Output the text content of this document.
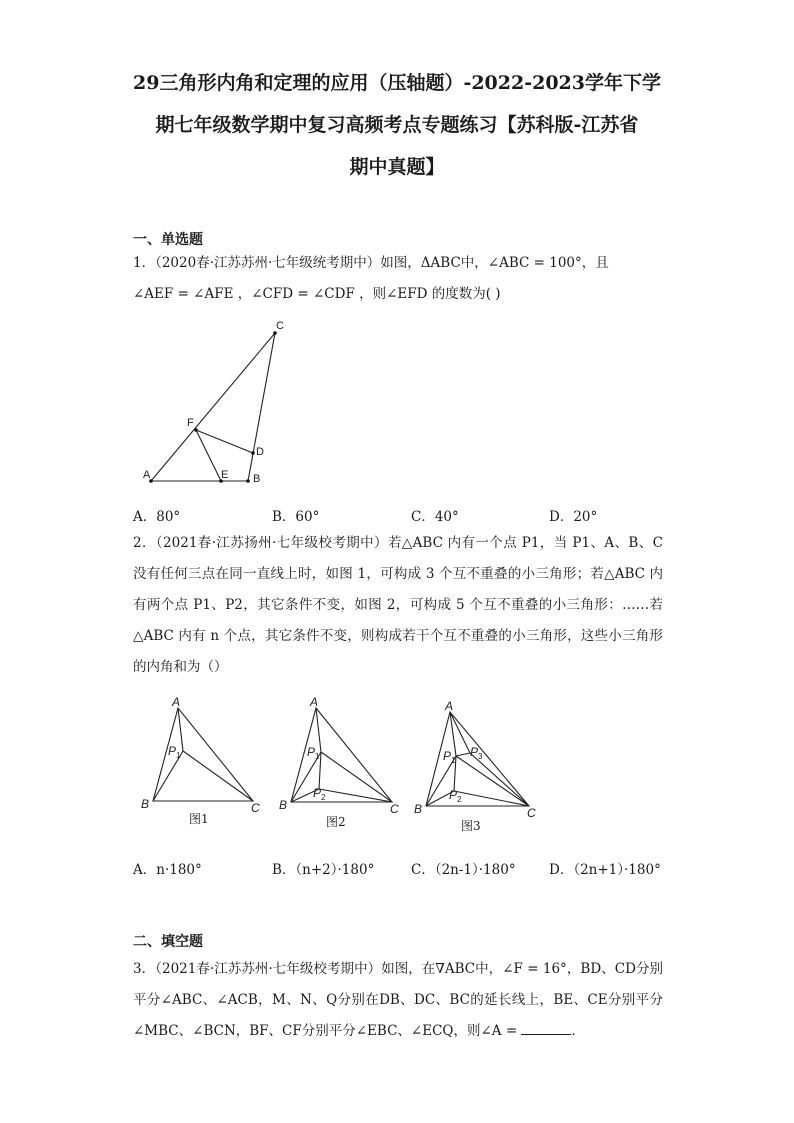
29三角形内角和定理的应用（压轴题）-2022-2023学年下学
期七年级数学期中复习高频考点专题练习【苏科版-江苏省
期中真题】
一、单选题
1．（2020春·江苏苏州·七年级统考期中）如图，ΔABC中，∠ABC = 100°，且
∠AEF = ∠AFE ，∠CFD = ∠CDF ，则∠EFD 的度数为( )
A	B
C
D
E
F
A．80°	B．60°	C．40°	D．20°
2．（2021春·江苏扬州·七年级校考期中）若△ABC 内有一个点 P1，当 P1、A、B、C 没有任何三点在同一直线上时，如图 1，可构成 3 个互不重叠的小三角形；若△ABC 内有两个点 P1、P2，其它条件不变，如图 2，可构成 5 个互不重叠的小三角形：……若△ABC 内有 n 个点，其它条件不变，则构成若干个互不重叠的小三角形，这些小三角形的内角和为（）
A
B	C
$P_1$
图1
A
B	C
$P_1$
$P_2$
图2
A
B	C
$P_1$
$P_2$
$P_3$
图3
A．n·180°	B．（n+2）·180°	C．（2n-1）·180° D．（2n+1）·180°
二、填空题
3．（2021春·江苏苏州·七年级校考期中）如图，在∇ABC中，∠F = 16°，BD、CD分别平分∠ABC、∠ACB，M、N、Q分别在DB、DC、BC的延长线上，BE、CE分别平分∠MBC、∠BCN，BF、CF分别平分∠EBC、∠ECQ，则∠A =	．
